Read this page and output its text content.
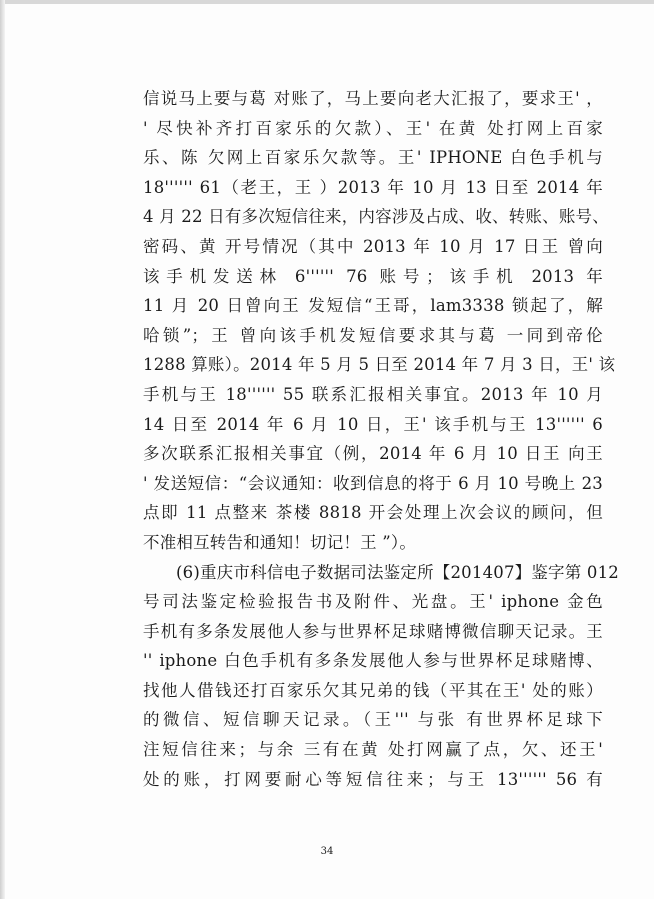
信说马上要与葛 对账了，马上要向老大汇报了，要求王' ，
' 尽快补齐打百家乐的欠款）、王' 在黄 处打网上百家
乐、陈 欠网上百家乐欠款等。王' IPHONE 白色手机与
18'''''' 61（老王，王 ）2013 年 10 月 13 日至 2014 年
4 月 22 日有多次短信往来，内容涉及占成、收、转账、账号、
密码、黄 开号情况（其中 2013 年 10 月 17 日王 曾向
该手机发送林 6'''''' 76 账号；该手机 2013 年
11 月 20 日曾向王 发短信“王哥，lam3338 锁起了，解
哈锁”；王 曾向该手机发短信要求其与葛 一同到帝伦
1288 算账）。2014 年 5 月 5 日至 2014 年 7 月 3 日，王' 该
手机与王 18'''''' 55 联系汇报相关事宜。2013 年 10 月
14 日至 2014 年 6 月 10 日，王' 该手机与王 13'''''' 6
多次联系汇报相关事宜（例，2014 年 6 月 10 日王 向王
' 发送短信：“会议通知：收到信息的将于 6 月 10 号晚上 23
点即 11 点整来 茶楼 8818 开会处理上次会议的顾问，但
不准相互转告和通知！切记！王 ”）。
(6)重庆市科信电子数据司法鉴定所【201407】鉴字第 012
号司法鉴定检验报告书及附件、光盘。王' iphone 金色
手机有多条发展他人参与世界杯足球赌博微信聊天记录。王
'' iphone 白色手机有多条发展他人参与世界杯足球赌博、
找他人借钱还打百家乐欠其兄弟的钱（平其在王' 处的账）
的微信、短信聊天记录。（王''' 与张 有世界杯足球下
注短信往来；与余 三有在黄 处打网赢了点，欠、还王'
处的账，打网要耐心等短信往来；与王 13'''''' 56 有
34
